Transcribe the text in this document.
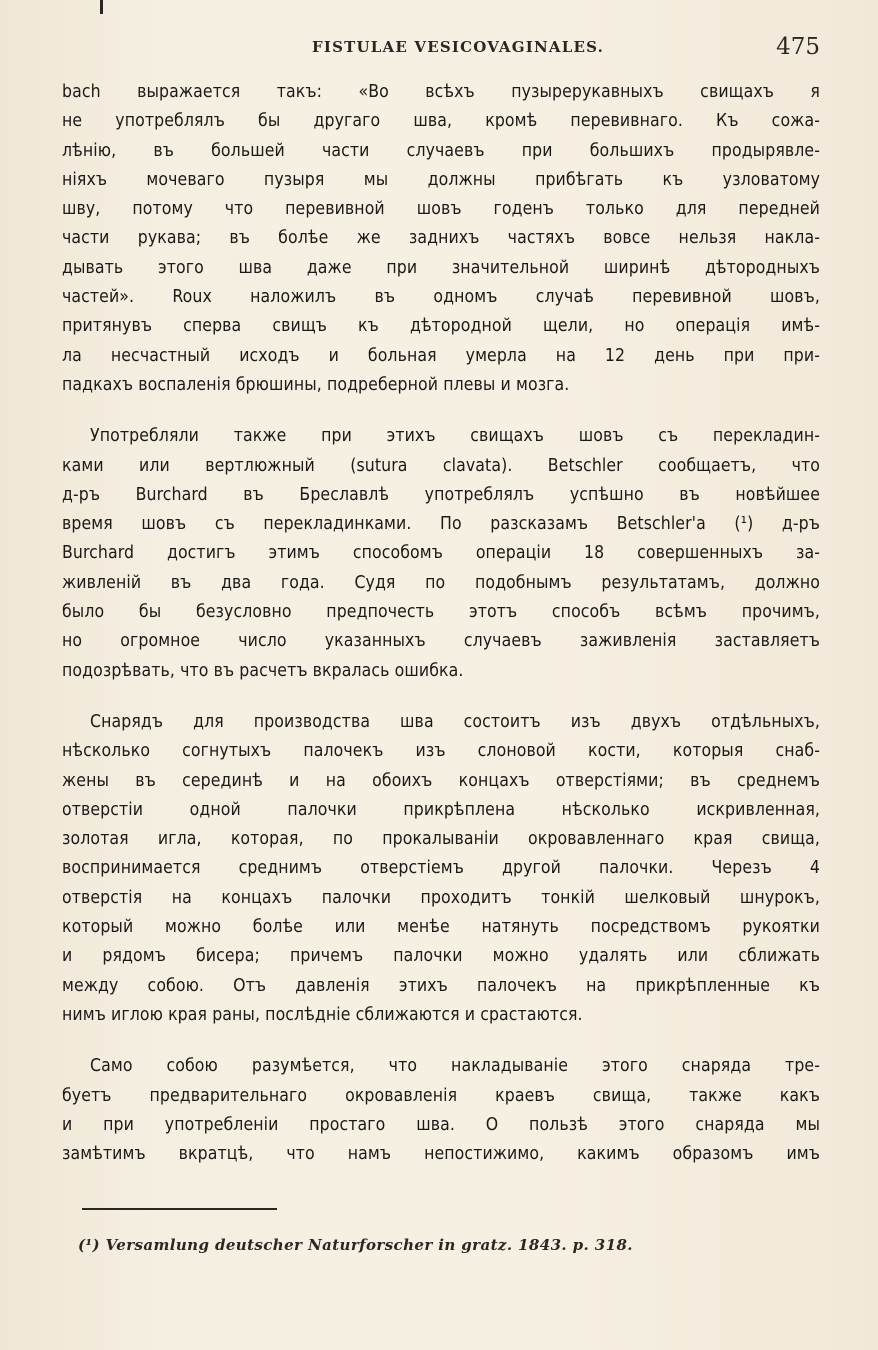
FISTULAE VESICOVAGINALES.	475

bach выражается такъ: «Во всѣхъ пузырерукавныхъ свищахъ я
не употреблялъ бы другаго шва, кромѣ перевивнаго. Къ сожа-
лѣнію, въ большей части случаевъ при большихъ продырявле-
ніяхъ мочеваго пузыря мы должны прибѣгать къ узловатому
шву, потому что перевивной шовъ годенъ только для передней
части рукава; въ болѣе же заднихъ частяхъ вовсе нельзя накла-
дывать этого шва даже при значительной ширинѣ дѣтородныхъ
частей». Roux наложилъ въ одномъ случаѣ перевивной шовъ,
притянувъ сперва свищъ къ дѣтородной щели, но операція имѣ-
ла несчастный исходъ и больная умерла на 12 день при при-
падкахъ воспаленія брюшины, подреберной плевы и мозга.

Употребляли также при этихъ свищахъ шовъ съ перекладин-
ками или вертлюжный (sutura clavata). Betschler сообщаетъ, что
д-ръ Burchard въ Бреславлѣ употреблялъ успѣшно въ новѣйшее
время шовъ съ перекладинками. По разсказамъ Betschler'a (¹) д-ръ
Burchard достигъ этимъ способомъ операціи 18 совершенныхъ за-
живленій въ два года. Судя по подобнымъ результатамъ, должно
было бы безусловно предпочесть этотъ способъ всѣмъ прочимъ,
но огромное число указанныхъ случаевъ заживленія заставляетъ
подозрѣвать, что въ расчетъ вкралась ошибка.

Снарядъ для производства шва состоитъ изъ двухъ отдѣльныхъ,
нѣсколько согнутыхъ палочекъ изъ слоновой кости, которыя снаб-
жены въ серединѣ и на обоихъ концахъ отверстіями; въ среднемъ
отверстіи одной палочки прикрѣплена нѣсколько искривленная,
золотая игла, которая, по прокалываніи окровавленнаго края свища,
воспринимается среднимъ отверстіемъ другой палочки. Черезъ 4
отверстія на концахъ палочки проходитъ тонкій шелковый шнурокъ,
который можно болѣе или менѣе натянуть посредствомъ рукоятки
и рядомъ бисера; причемъ палочки можно удалять или сближать
между собою. Отъ давленія этихъ палочекъ на прикрѣпленные къ
нимъ иглою края раны, послѣдніе сближаются и срастаются.

Само собою разумѣется, что накладываніе этого снаряда тре-
буетъ предварительнаго окровавленія краевъ свища, также какъ
и при употребленіи простаго шва. О пользѣ этого снаряда мы
замѣтимъ вкратцѣ, что намъ непостижимо, какимъ образомъ имъ

(¹) Versamlung deutscher Naturforscher in gratz. 1843. p. 318.
